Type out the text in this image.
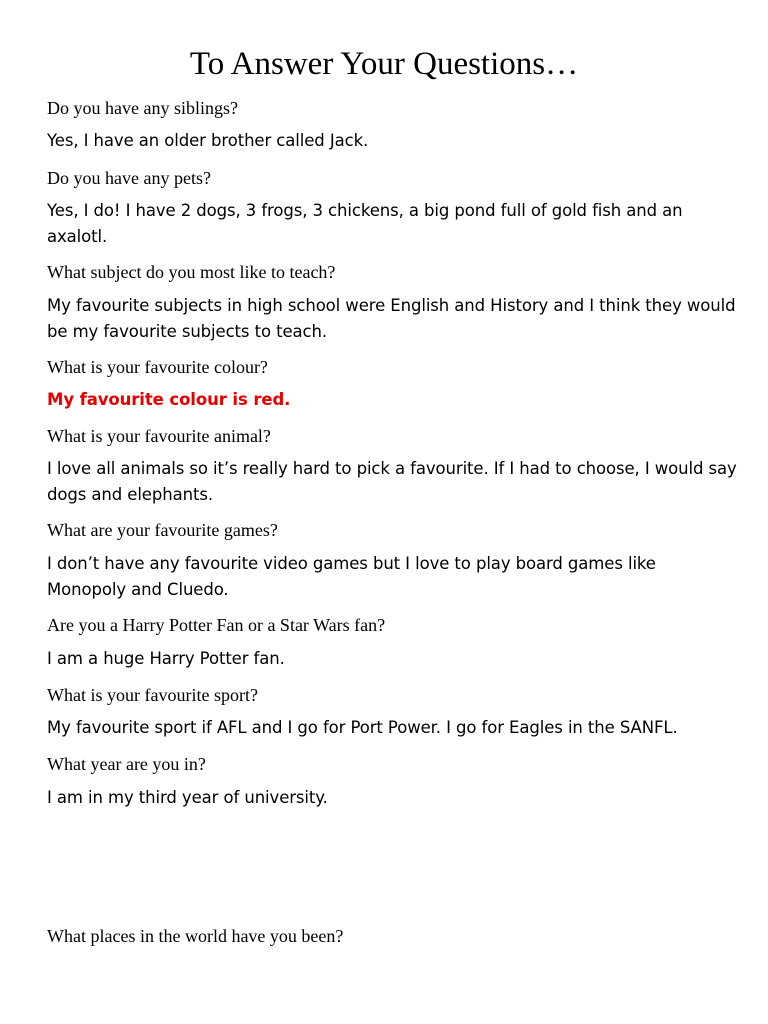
To Answer Your Questions…

Do you have any siblings?

Yes, I have an older brother called Jack.

Do you have any pets?

Yes, I do! I have 2 dogs, 3 frogs, 3 chickens, a big pond full of gold fish and an axalotl.

What subject do you most like to teach?

My favourite subjects in high school were English and History and I think they would be my favourite subjects to teach.

What is your favourite colour?

My favourite colour is red.

What is your favourite animal?

I love all animals so it’s really hard to pick a favourite. If I had to choose, I would say dogs and elephants.

What are your favourite games?

I don’t have any favourite video games but I love to play board games like Monopoly and Cluedo.

Are you a Harry Potter Fan or a Star Wars fan?

I am a huge Harry Potter fan.

What is your favourite sport?

My favourite sport if AFL and I go for Port Power. I go for Eagles in the SANFL.

What year are you in?

I am in my third year of university.

What places in the world have you been?
